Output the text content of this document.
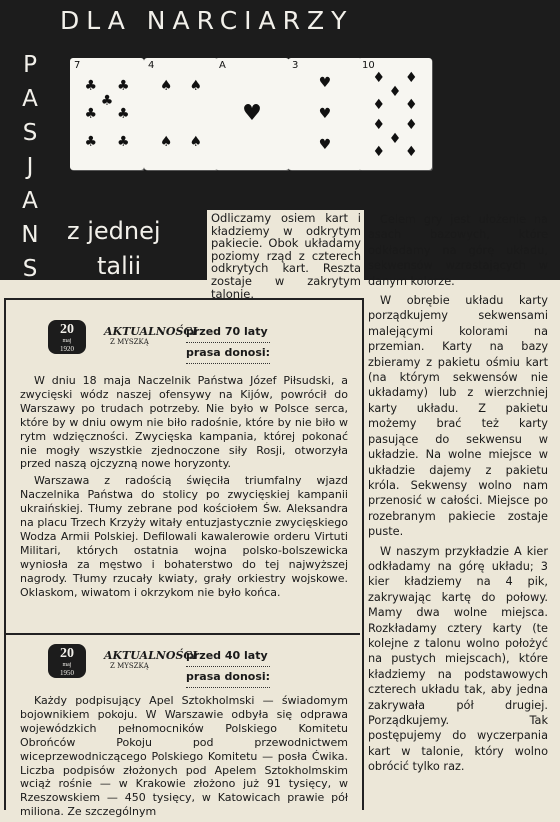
DLA NARCIARZY
P
A
S
J
A
N
S
7
♣ ♣
♣
♣ ♣
♣ ♣
4
♠ ♠
♠ ♠
A
♥
3
♥
♥
♥
10
♦ ♦
♦
♦ ♦
♦ ♦
♦
♦ ♦
z jednej
talii
Odliczamy osiem kart i kładziemy w odkrytym pakiecie. Obok układamy poziomy rząd z czterech odkrytych kart. Reszta zostaje w zakrytym talonie.

Celem gry jest ułożenie na asach bazowych, które odkładamy na górę układu, sekwensów wzrastających w danym kolorze.

W obrębie układu karty porządkujemy sekwensami malejącymi kolorami na przemian. Karty na bazy zbieramy z pakietu ośmiu kart (na którym sekwensów nie układamy) lub z wierzchniej karty układu. Z pakietu możemy brać też karty pasujące do sekwensu w układzie. Na wolne miejsce w układzie dajemy z pakietu króla. Sekwensy wolno nam przenosić w całości. Miejsce po rozebranym pakiecie zostaje puste.

W naszym przykładzie A kier odkładamy na górę układu; 3 kier kładziemy na 4 pik, zakrywając kartę do połowy. Mamy dwa wolne miejsca. Rozkładamy cztery karty (te kolejne z talonu wolno położyć na pustych miejscach), które kładziemy na podstawowych czterech układu tak, aby jedna zakrywała pół drugiej. Porządkujemy. Tak postępujemy do wyczerpania kart w talonie, który wolno obrócić tylko raz.

20
maj
1920
AKTUALNOŚCI
Z MYSZKĄ
przed 70 laty
prasa donosi:

W dniu 18 maja Naczelnik Państwa Józef Piłsudski, a zwycięski wódz naszej ofensywy na Kijów, powrócił do Warszawy po trudach potrzeby. Nie było w Polsce serca, które by w dniu owym nie biło radośnie, które by nie biło w rytm wdzięczności. Zwycięska kampania, której pokonać nie mogły wszystkie zjednoczone siły Rosji, otworzyła przed naszą ojczyzną nowe horyzonty.

Warszawa z radością święciła triumfalny wjazd Naczelnika Państwa do stolicy po zwycięskiej kampanii ukraińskiej. Tłumy zebrane pod kościołem Św. Aleksandra na placu Trzech Krzyży witały entuzjastycznie zwycięskiego Wodza Armii Polskiej. Defilowali kawalerowie orderu Virtuti Militari, których ostatnia wojna polsko-bolszewicka wyniosła za męstwo i bohaterstwo do tej najwyższej nagrody. Tłumy rzucały kwiaty, grały orkiestry wojskowe. Oklaskom, wiwatom i okrzykom nie było końca.

20
maj
1950
AKTUALNOŚCI
Z MYSZKĄ
przed 40 laty
prasa donosi:

Każdy podpisujący Apel Sztokholmski — świadomym bojownikiem pokoju. W Warszawie odbyła się odprawa wojewódzkich pełnomocników Polskiego Komitetu Obrońców Pokoju pod przewodnictwem wiceprzewodniczącego Polskiego Komitetu — posła Ćwika. Liczba podpisów złożonych pod Apelem Sztokholmskim wciąż rośnie — w Krakowie złożono już 91 tysięcy, w Rzeszowskiem — 450 tysięcy, w Katowicach prawie pół miliona. Ze szczególnym
